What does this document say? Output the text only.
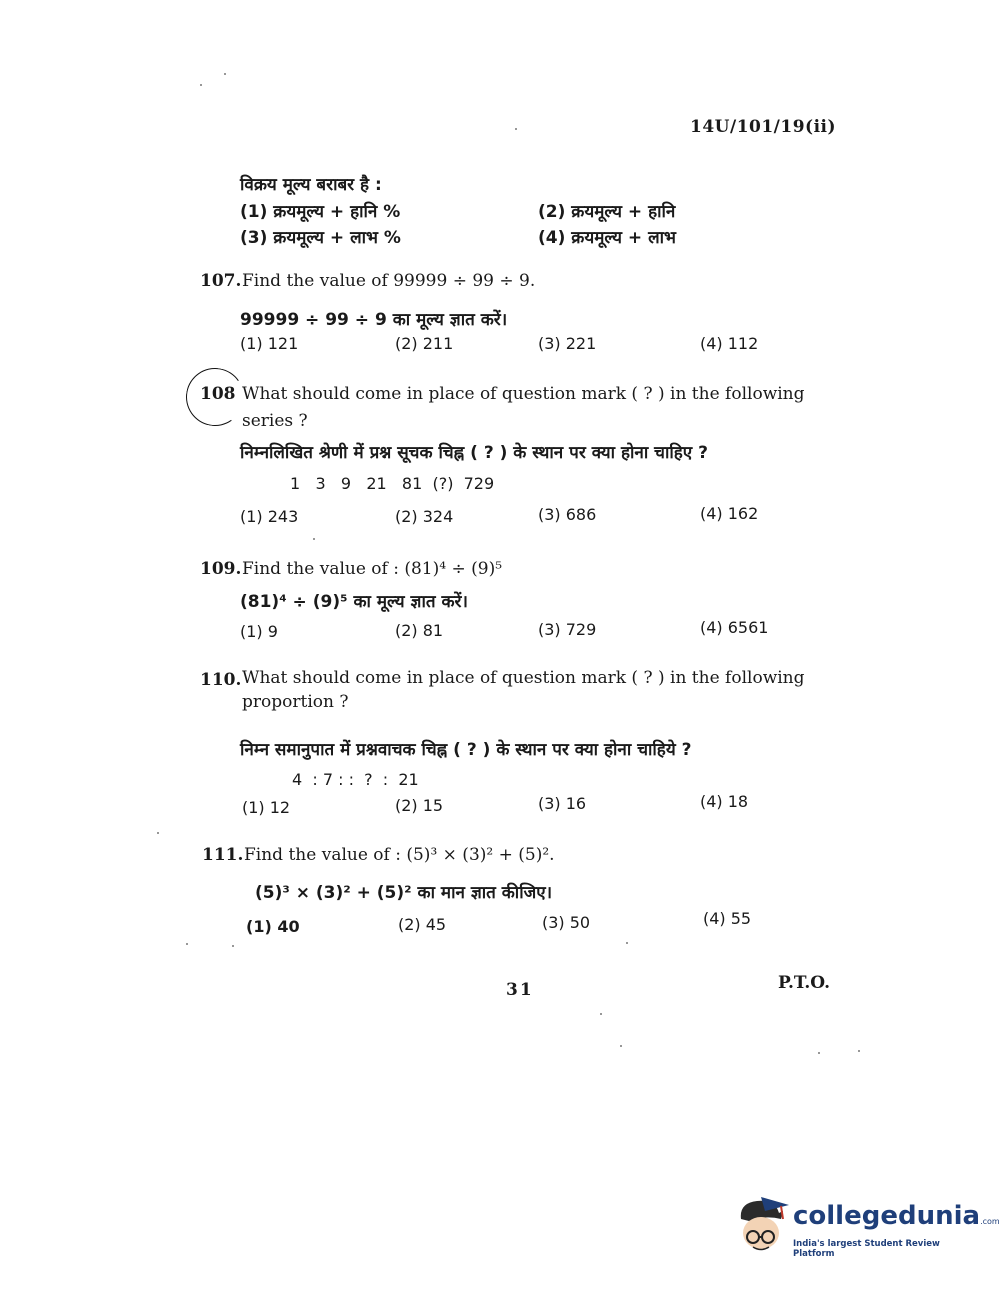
14U/101/19(ii)
विक्रय मूल्य बराबर है :
(1) क्रयमूल्य + हानि %	(2) क्रयमूल्य + हानि
(3) क्रयमूल्य + लाभ %	(4) क्रयमूल्य + लाभ
107. Find the value of 99999 ÷ 99 ÷ 9.
99999 ÷ 99 ÷ 9 का मूल्य ज्ञात करें।
(1) 121	(2) 211	(3) 221	(4) 112
108 What should come in place of question mark ( ? ) in the following
series ?
निम्नलिखित श्रेणी में प्रश्न सूचक चिह्न ( ? ) के स्थान पर क्या होना चाहिए ?
1   3   9   21   81  (?)  729
(1) 243	(2) 324	(3) 686	(4) 162
109. Find the value of : (81)⁴ ÷ (9)⁵
(81)⁴ ÷ (9)⁵ का मूल्य ज्ञात करें।
(1) 9	(2) 81	(3) 729	(4) 6561
110. What should come in place of question mark ( ? ) in the following
proportion ?
निम्न समानुपात में प्रश्नवाचक चिह्न ( ? ) के स्थान पर क्या होना चाहिये ?
4  : 7 : :  ?  :  21
(1) 12	(2) 15	(3) 16	(4) 18
111. Find the value of : (5)³ × (3)² + (5)².
(5)³ × (3)² + (5)² का मान ज्ञात कीजिए।
(1) 40	(2) 45	(3) 50	(4) 55
31	P.T.O.
collegedunia.com
India's largest Student Review Platform
